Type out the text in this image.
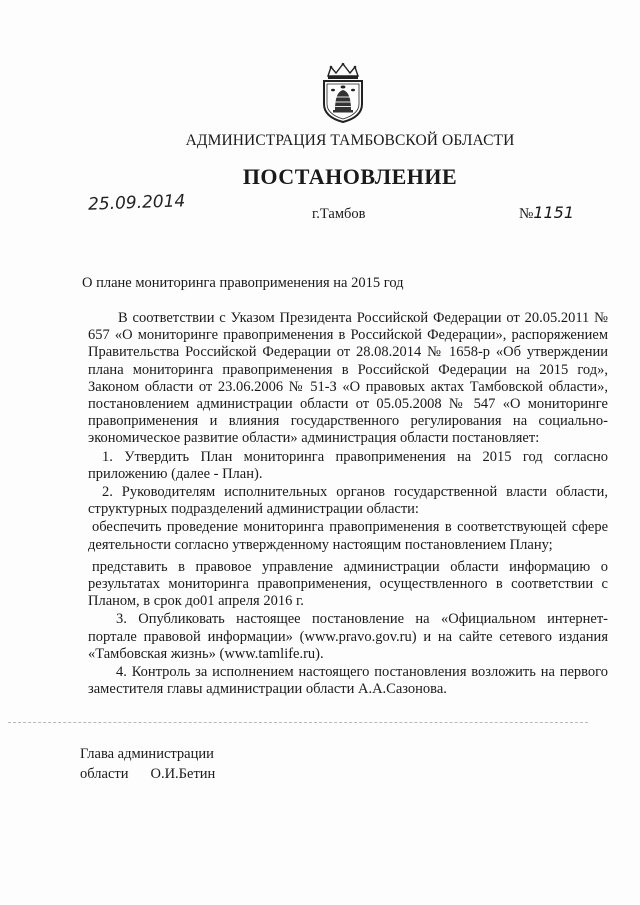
АДМИНИСТРАЦИЯ ТАМБОВСКОЙ ОБЛАСТИ
ПОСТАНОВЛЕНИЕ
25.09.2014	г.Тамбов	№1151
О плане мониторинга правоприменения на 2015 год

В соответствии с Указом Президента Российской Федерации от 20.05.2011 № 657 «О мониторинге правоприменения в Российской Федерации», распоряжением Правительства Российской Федерации от 28.08.2014 № 1658-р «Об утверждении плана мониторинга правоприменения в Российской Федерации на 2015 год», Законом области от 23.06.2006 № 51-З «О правовых актах Тамбовской области», постановлением администрации области от 05.05.2008 № 547 «О мониторинге правоприменения и влияния государственного регулирования на социально-экономическое развитие области» администрация области постановляет:

1. Утвердить План мониторинга правоприменения на 2015 год согласно приложению (далее - План).

2. Руководителям исполнительных органов государственной власти области, структурных подразделений администрации области:

обеспечить проведение мониторинга правоприменения в соответствующей сфере деятельности согласно утвержденному настоящим постановлением Плану;

представить в правовое управление администрации области информацию о результатах мониторинга правоприменения, осуществленного в соответствии с Планом, в срок до01 апреля 2016 г.

3. Опубликовать настоящее постановление на «Официальном интернет-портале правовой информации» (www.pravo.gov.ru) и на сайте сетевого издания «Тамбовская жизнь» (www.tamlife.ru).

4. Контроль за исполнением настоящего постановления возложить на первого заместителя главы администрации области А.А.Сазонова.

Глава администрации
области О.И.Бетин
